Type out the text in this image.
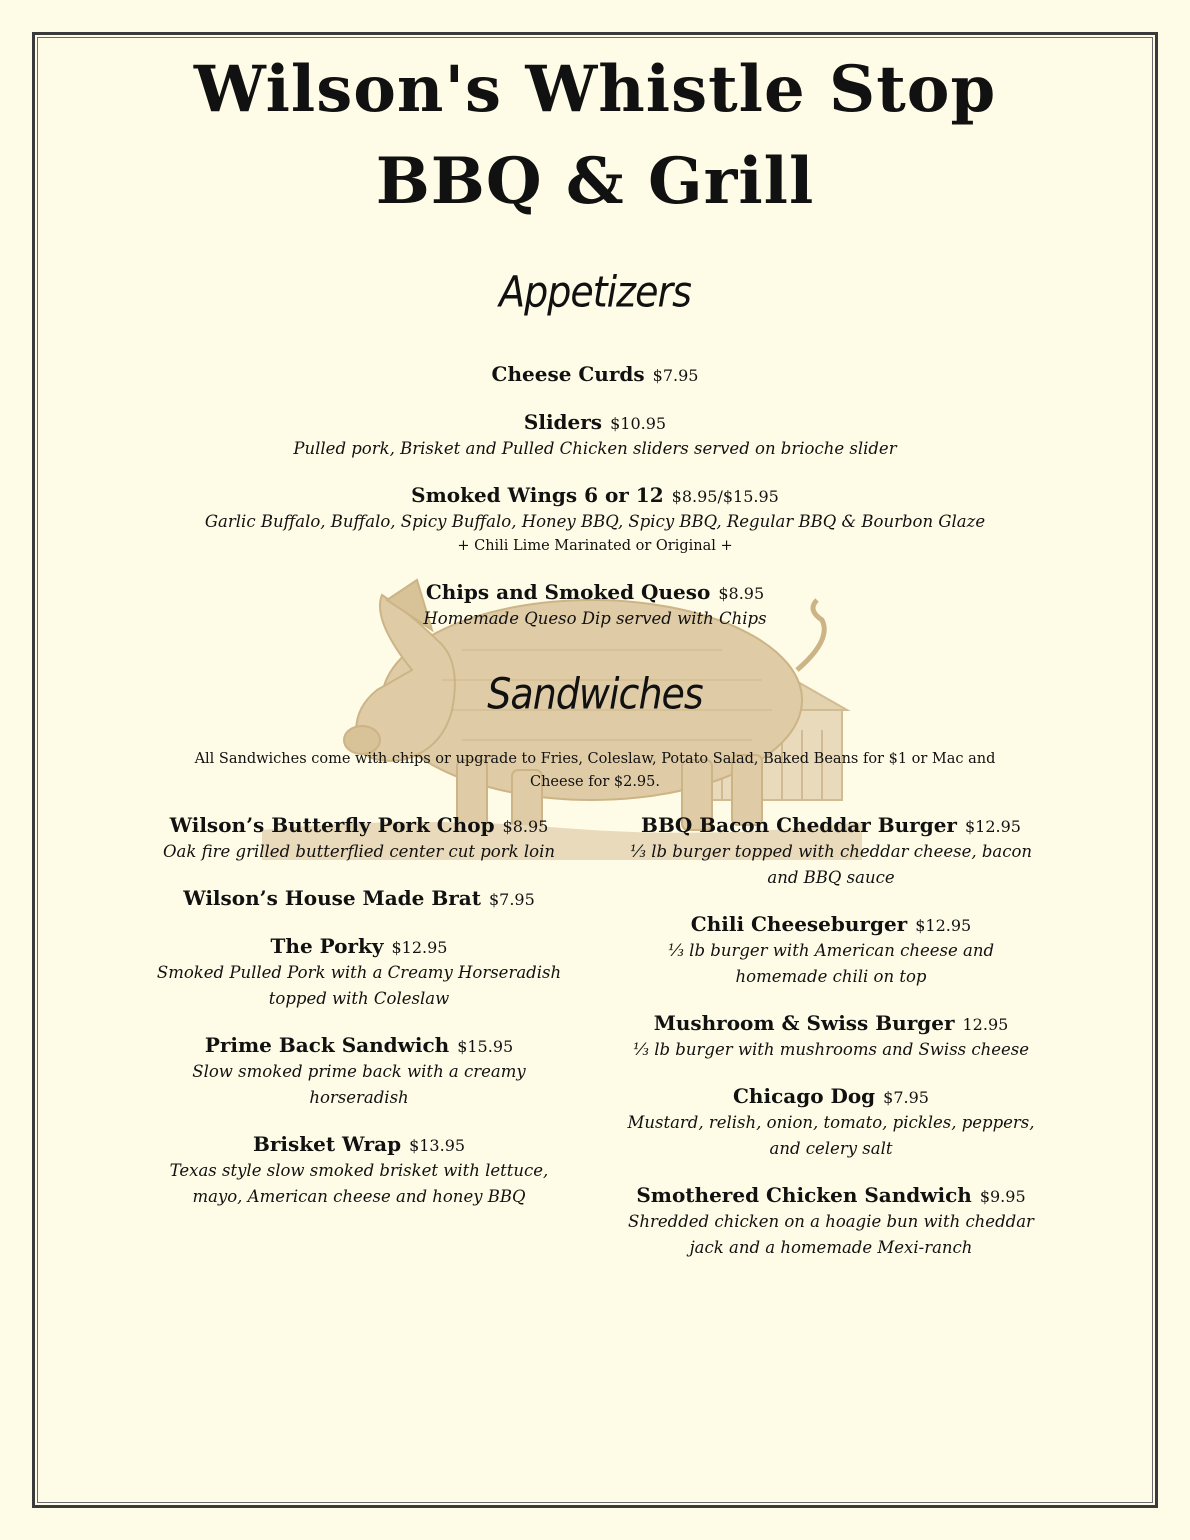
Wilson's Whistle Stop
BBQ & Grill
Appetizers
Cheese Curds $7.95
Sliders $10.95
Pulled pork, Brisket and Pulled Chicken sliders served on brioche slider
Smoked Wings 6 or 12 $8.95/$15.95
Garlic Buffalo, Buffalo, Spicy Buffalo, Honey BBQ, Spicy BBQ, Regular BBQ & Bourbon Glaze
+ Chili Lime Marinated or Original +
Chips and Smoked Queso $8.95
Homemade Queso Dip served with Chips
Sandwiches
All Sandwiches come with chips or upgrade to Fries, Coleslaw, Potato Salad, Baked Beans for $1 or Mac and Cheese for $2.95.
Wilson’s Butterfly Pork Chop $8.95
Oak fire grilled butterflied center cut pork loin
Wilson’s House Made Brat $7.95
The Porky $12.95
Smoked Pulled Pork with a Creamy Horseradish topped with Coleslaw
Prime Back Sandwich $15.95
Slow smoked prime back with a creamy horseradish
Brisket Wrap $13.95
Texas style slow smoked brisket with lettuce, mayo, American cheese and honey BBQ
BBQ Bacon Cheddar Burger $12.95
⅓ lb burger topped with cheddar cheese, bacon and BBQ sauce
Chili Cheeseburger $12.95
⅓ lb burger with American cheese and homemade chili on top
Mushroom & Swiss Burger 12.95
⅓ lb burger with mushrooms and Swiss cheese
Chicago Dog $7.95
Mustard, relish, onion, tomato, pickles, peppers, and celery salt
Smothered Chicken Sandwich $9.95
Shredded chicken on a hoagie bun with cheddar jack and a homemade Mexi-ranch
